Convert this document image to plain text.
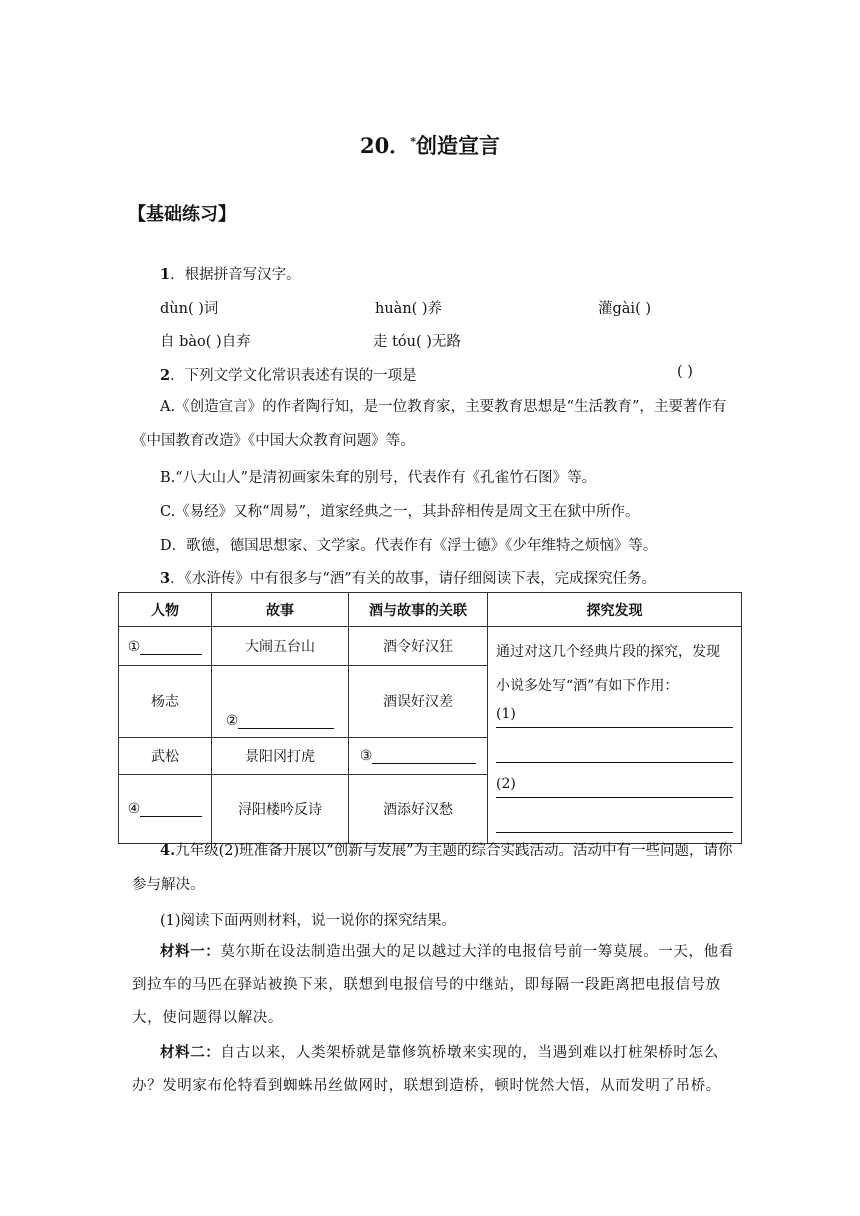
20．*创造宣言
【基础练习】
1．根据拼音写汉字。
dùn( )词	huàn( )养	灌gài( )
自 bào( )自弃	走 tóu( )无路
2．下列文学文化常识表述有误的一项是	( )
A.《创造宣言》的作者陶行知，是一位教育家，主要教育思想是“生活教育”，主要著作有《中国教育改造》《中国大众教育问题》等。
B.“八大山人”是清初画家朱耷的别号，代表作有《孔雀竹石图》等。
C.《易经》又称“周易”，道家经典之一，其卦辞相传是周文王在狱中所作。
D．歌德，德国思想家、文学家。代表作有《浮士德》《少年维特之烦恼》等。
3．《水浒传》中有很多与“酒”有关的故事，请仔细阅读下表，完成探究任务。
人物	故事	酒与故事的关联	探究发现
①	大闹五台山	酒令好汉狂	通过对这几个经典片段的探究，发现小说多处写“酒”有如下作用：
(1)
(2)

杨志	②	酒误好汉差	
武松	景阳冈打虎	③	
④	浔阳楼吟反诗	酒添好汉愁	
4.九年级(2)班准备开展以“创新与发展”为主题的综合实践活动。活动中有一些问题，请你参与解决。
(1)阅读下面两则材料，说一说你的探究结果。
材料一：莫尔斯在设法制造出强大的足以越过大洋的电报信号前一筹莫展。一天，他看到拉车的马匹在驿站被换下来，联想到电报信号的中继站，即每隔一段距离把电报信号放大，使问题得以解决。
材料二：自古以来，人类架桥就是靠修筑桥墩来实现的，当遇到难以打桩架桥时怎么办？发明家布伦特看到蜘蛛吊丝做网时，联想到造桥，顿时恍然大悟，从而发明了吊桥。
